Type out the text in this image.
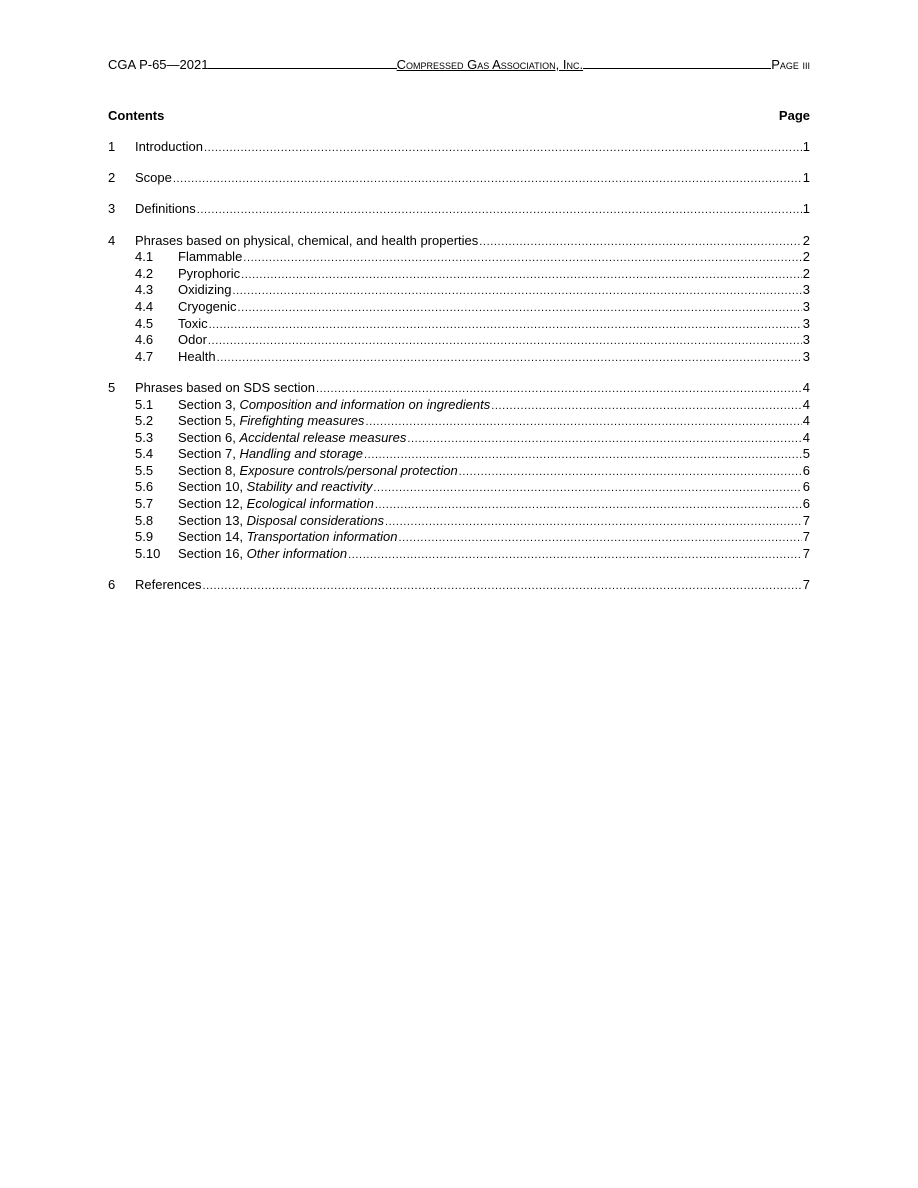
CGA P-65—2021	Compressed Gas Association, Inc.	Page iii
Contents	Page
1	Introduction .....	1
2	Scope .....	1
3	Definitions .....	1
4	Phrases based on physical, chemical, and health properties .....	2
4.1	Flammable .....	2
4.2	Pyrophoric .....	2
4.3	Oxidizing .....	3
4.4	Cryogenic .....	3
4.5	Toxic .....	3
4.6	Odor .....	3
4.7	Health .....	3
5	Phrases based on SDS section .....	4
5.1	Section 3, Composition and information on ingredients .....	4
5.2	Section 5, Firefighting measures .....	4
5.3	Section 6, Accidental release measures .....	4
5.4	Section 7, Handling and storage .....	5
5.5	Section 8, Exposure controls/personal protection .....	6
5.6	Section 10, Stability and reactivity .....	6
5.7	Section 12, Ecological information .....	6
5.8	Section 13, Disposal considerations .....	7
5.9	Section 14, Transportation information .....	7
5.10	Section 16, Other information .....	7
6	References .....	7
